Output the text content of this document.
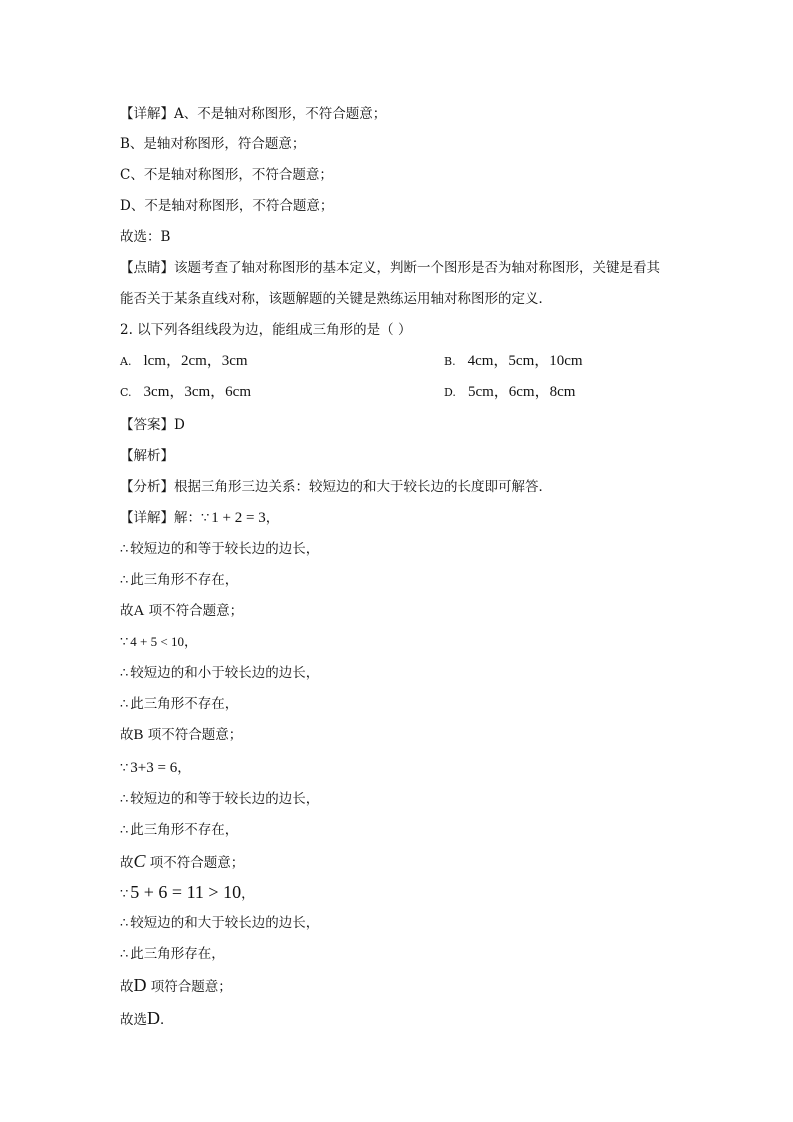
【详解】A、不是轴对称图形，不符合题意；
B、是轴对称图形，符合题意；
C、不是轴对称图形，不符合题意；
D、不是轴对称图形，不符合题意；
故选：B
【点睛】该题考查了轴对称图形的基本定义，判断一个图形是否为轴对称图形，关键是看其
能否关于某条直线对称，该题解题的关键是熟练运用轴对称图形的定义．
2. 以下列各组线段为边，能组成三角形的是（ ）
A. lcm，2cm，3cm	B. 4cm，5cm，10cm
C. 3cm，3cm，6cm	D. 5cm，6cm，8cm
【答案】D
【解析】
【分析】根据三角形三边关系：较短边的和大于较长边的长度即可解答．
【详解】解：∵ 1 + 2 = 3，
∴ 较短边的和等于较长边的边长，
∴ 此三角形不存在，
故A 项不符合题意；
∵ 4 + 5 < 10，
∴ 较短边的和小于较长边的边长，
∴ 此三角形不存在，
故B 项不符合题意；
∵ 3+3 = 6，
∴ 较短边的和等于较长边的边长，
∴ 此三角形不存在，
故C 项不符合题意；
∵ 5 + 6 = 11 > 10，
∴ 较短边的和大于较长边的边长，
∴ 此三角形存在，
故D 项符合题意；
故选D．
